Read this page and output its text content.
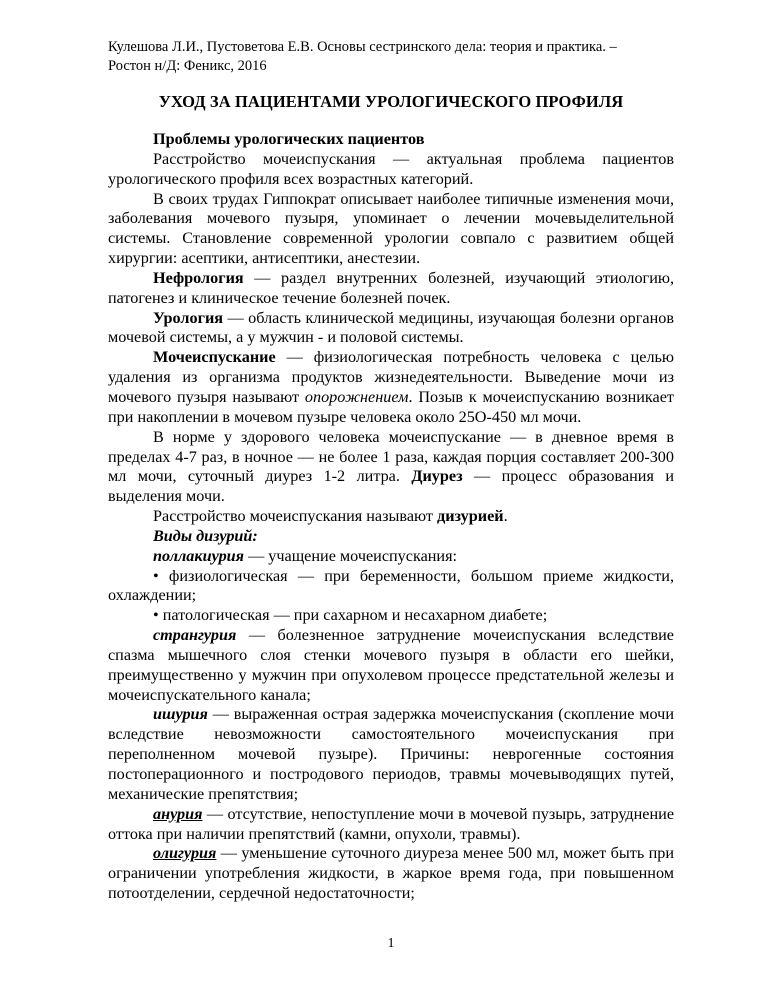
Кулешова Л.И., Пустоветова Е.В. Основы сестринского дела: теория и практика. –
Ростон н/Д: Феникс, 2016
УХОД ЗА ПАЦИЕНТАМИ УРОЛОГИЧЕСКОГО ПРОФИЛЯ

Проблемы урологических пациентов

Расстройство мочеиспускания — актуальная проблема пациентов урологического профиля всех возрастных категорий.

В своих трудах Гиппократ описывает наиболее типичные изменения мочи, заболевания мочевого пузыря, упоминает о лечении мочевыделительной системы. Становление современной урологии совпало с развитием общей хирургии: асептики, антисептики, анестезии.

Нефрология — раздел внутренних болезней, изучающий этиологию, патогенез и клиническое течение болезней почек.

Урология — область клинической медицины, изучающая болезни органов мочевой системы, а у мужчин - и половой системы.

Мочеиспускание — физиологическая потребность человека с целью удаления из организма продуктов жизнедеятельности. Выведение мочи из мочевого пузыря называют опорожнением. Позыв к мочеиспусканию возникает при накоплении в мочевом пузыре человека около 25О-450 мл мочи.

В норме у здорового человека мочеиспускание — в дневное время в пределах 4-7 раз, в ночное — не более 1 раза, каждая порция составляет 200-300 мл мочи, суточный диурез 1-2 литра. Диурез — процесс образования и выделения мочи.

Расстройство мочеиспускания называют дизурией.

Виды дизурий:

поллакиурия — учащение мочеиспускания:

• физиологическая — при беременности, большом приеме жидкости, охлаждении;

• патологическая — при сахарном и несахарном диабете;

странгурия — болезненное затруднение мочеиспускания вследствие спазма мышечного слоя стенки мочевого пузыря в области его шейки, преимущественно у мужчин при опухолевом процессе предстательной железы и мочеиспускательного канала;

ишурия — выраженная острая задержка мочеиспускания (скопление мочи вследствие невозможности самостоятельного мочеиспускания при переполненном мочевой пузыре). Причины: неврогенные состояния постоперационного и постродового периодов, травмы мочевыводящих путей, механические препятствия;

анурия — отсутствие, непоступление мочи в мочевой пузырь, затруднение оттока при наличии препятствий (камни, опухоли, травмы).

олигурия — уменьшение суточного диуреза менее 500 мл, может быть при ограничении употребления жидкости, в жаркое время года, при повышенном потоотделении, сердечной недостаточности;

1
